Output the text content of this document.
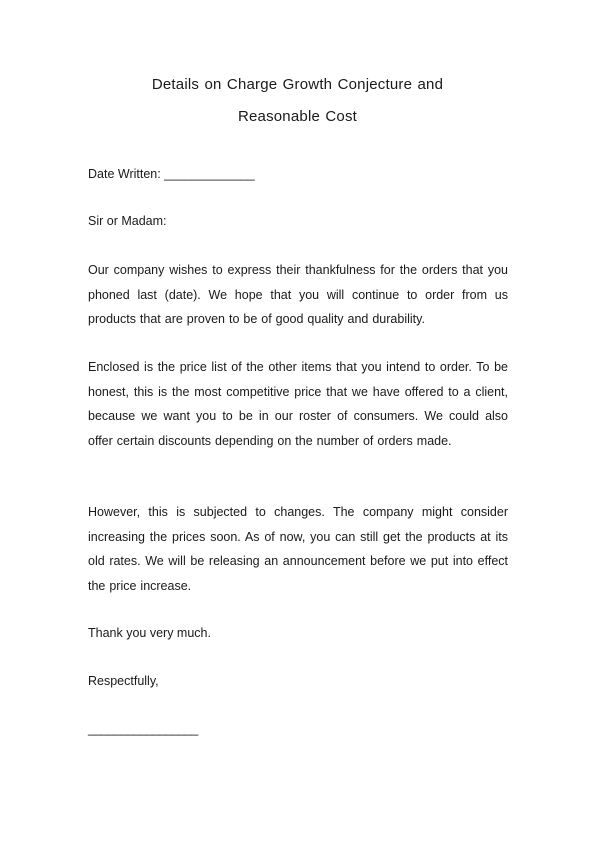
Details on Charge Growth Conjecture and
Reasonable Cost

Date Written: _____________

Sir or Madam:

Our company wishes to express their thankfulness for the orders that you phoned last (date). We hope that you will continue to order from us products that are proven to be of good quality and durability.

Enclosed is the price list of the other items that you intend to order. To be honest, this is the most competitive price that we have offered to a client, because we want you to be in our roster of consumers. We could also offer certain discounts depending on the number of orders made.

However, this is subjected to changes. The company might consider increasing the prices soon. As of now, you can still get the products at its old rates. We will be releasing an announcement before we put into effect the price increase.

Thank you very much.

Respectfully,

_________________
